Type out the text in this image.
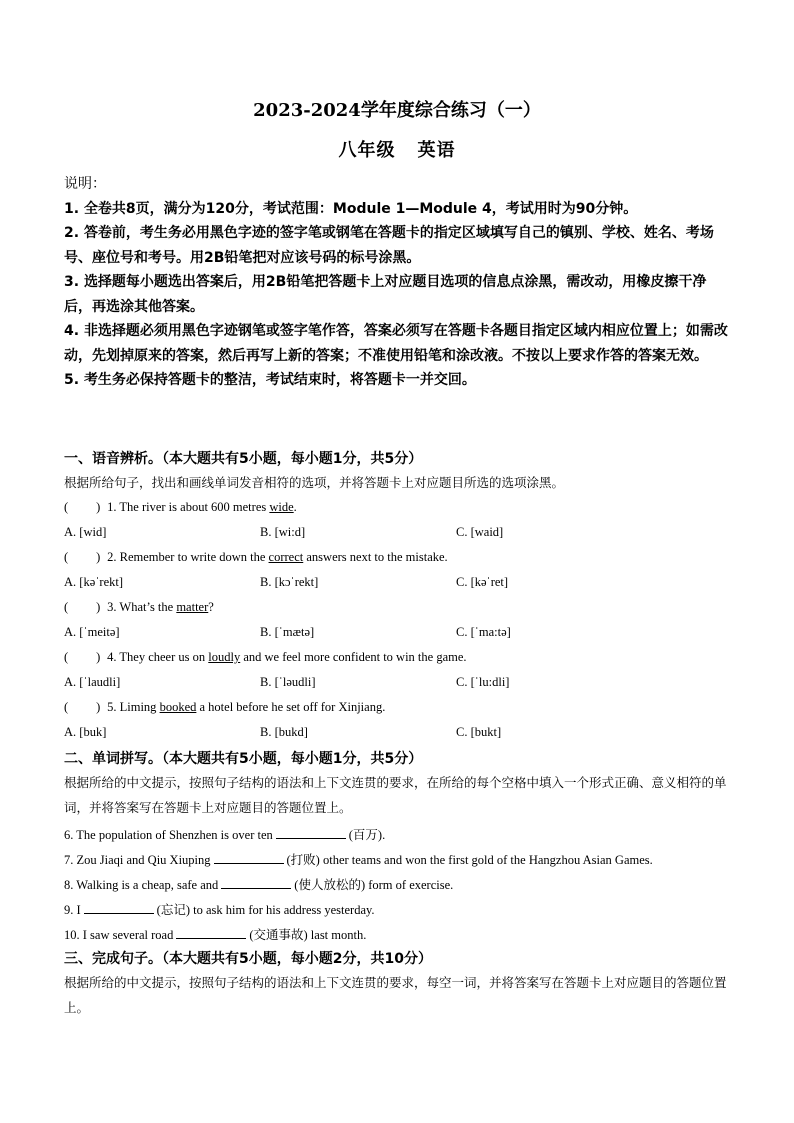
2023-2024学年度综合练习（一）
八年级 英语
说明：
1. 全卷共8页，满分为120分，考试范围：Module 1—Module 4，考试用时为90分钟。
2. 答卷前，考生务必用黑色字迹的签字笔或钢笔在答题卡的指定区域填写自己的镇别、学校、姓名、考场号、座位号和考号。用2B铅笔把对应该号码的标号涂黑。
3. 选择题每小题选出答案后，用2B铅笔把答题卡上对应题目选项的信息点涂黑，需改动，用橡皮擦干净后，再选涂其他答案。
4. 非选择题必须用黑色字迹钢笔或签字笔作答，答案必须写在答题卡各题目指定区域内相应位置上；如需改动，先划掉原来的答案，然后再写上新的答案；不准使用铅笔和涂改液。不按以上要求作答的答案无效。
5. 考生务必保持答题卡的整洁，考试结束时，将答题卡一并交回。
一、语音辨析。（本大题共有5小题，每小题1分，共5分）
根据所给句子，找出和画线单词发音相符的选项，并将答题卡上对应题目所选的选项涂黑。
( ) 1. The river is about 600 metres wide.
A. [wid]	B. [wi:d]	C. [waid]
( ) 2. Remember to write down the correct answers next to the mistake.
A. [kəˈrekt]	B. [kɔˈrekt]	C. [kəˈret]
( ) 3. What’s the matter?
A. [ˈmeitə]	B. [ˈmætə]	C. [ˈma:tə]
( ) 4. They cheer us on loudly and we feel more confident to win the game.
A. [ˈlaudli]	B. [ˈləudli]	C. [ˈlu:dli]
( ) 5. Liming booked a hotel before he set off for Xinjiang.
A. [buk]	B. [bukd]	C. [bukt]
二、单词拼写。（本大题共有5小题，每小题1分，共5分）
根据所给的中文提示，按照句子结构的语法和上下文连贯的要求，在所给的每个空格中填入一个形式正确、意义相符的单词，并将答案写在答题卡上对应题目的答题位置上。
6. The population of Shenzhen is over ten	(百万).
7. Zou Jiaqi and Qiu Xiuping	(打败) other teams and won the first gold of the Hangzhou Asian Games.
8. Walking is a cheap, safe and	(使人放松的) form of exercise.
9. I	(忘记) to ask him for his address yesterday.
10. I saw several road	(交通事故) last month.
三、完成句子。（本大题共有5小题，每小题2分，共10分）
根据所给的中文提示，按照句子结构的语法和上下文连贯的要求，每空一词，并将答案写在答题卡上对应题目的答题位置上。
